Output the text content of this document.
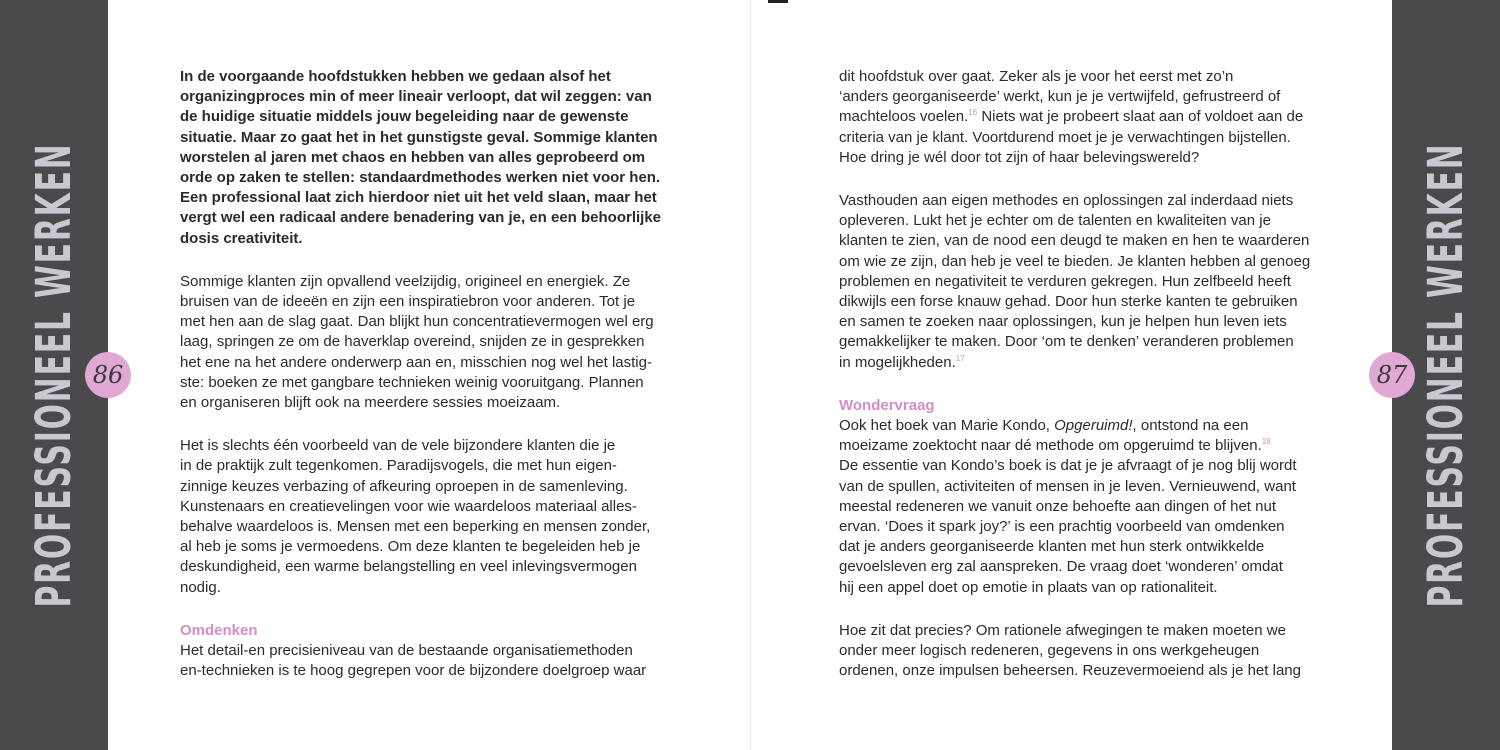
PROFESSIONEEL WERKEN	PROFESSIONEEL WERKEN
86	87

In de voorgaande hoofdstukken hebben we gedaan alsof het
organizingproces min of meer lineair verloopt, dat wil zeggen: van
de huidige situatie middels jouw begeleiding naar de gewenste
situatie. Maar zo gaat het in het gunstigste geval. Sommige klanten
worstelen al jaren met chaos en hebben van alles geprobeerd om
orde op zaken te stellen: standaardmethodes werken niet voor hen.
Een professional laat zich hierdoor niet uit het veld slaan, maar het
vergt wel een radicaal andere benadering van je, en een behoorlijke
dosis creativiteit.

Sommige klanten zijn opvallend veelzijdig, origineel en energiek. Ze
bruisen van de ideeën en zijn een inspiratiebron voor anderen. Tot je
met hen aan de slag gaat. Dan blijkt hun concentratievermogen wel erg
laag, springen ze om de haverklap overeind, snijden ze in gesprekken
het ene na het andere onderwerp aan en, misschien nog wel het lastig-
ste: boeken ze met gangbare technieken weinig vooruitgang. Plannen
en organiseren blijft ook na meerdere sessies moeizaam.

Het is slechts één voorbeeld van de vele bijzondere klanten die je
in de praktijk zult tegenkomen. Paradijsvogels, die met hun eigen-
zinnige keuzes verbazing of afkeuring oproepen in de samenleving.
Kunstenaars en creatievelingen voor wie waardeloos materiaal alles-
behalve waardeloos is. Mensen met een beperking en mensen zonder,
al heb je soms je vermoedens. Om deze klanten te begeleiden heb je
deskundigheid, een warme belangstelling en veel inlevingsvermogen
nodig.

Omdenken
Het detail-en precisieniveau van de bestaande organisatiemethoden
en-technieken is te hoog gegrepen voor de bijzondere doelgroep waar

dit hoofdstuk over gaat. Zeker als je voor het eerst met zo’n
‘anders georganiseerde’ werkt, kun je je vertwijfeld, gefrustreerd of
machteloos voelen.$^{16}$ Niets wat je probeert slaat aan of voldoet aan de
criteria van je klant. Voortdurend moet je je verwachtingen bijstellen.
Hoe dring je wél door tot zijn of haar belevingswereld?

Vasthouden aan eigen methodes en oplossingen zal inderdaad niets
opleveren. Lukt het je echter om de talenten en kwaliteiten van je
klanten te zien, van de nood een deugd te maken en hen te waarderen
om wie ze zijn, dan heb je veel te bieden. Je klanten hebben al genoeg
problemen en negativiteit te verduren gekregen. Hun zelfbeeld heeft
dikwijls een forse knauw gehad. Door hun sterke kanten te gebruiken
en samen te zoeken naar oplossingen, kun je helpen hun leven iets
gemakkelijker te maken. Door ‘om te denken’ veranderen problemen
in mogelijkheden.$^{17}$

Wondervraag
Ook het boek van Marie Kondo, Opgeruimd!, ontstond na een
moeizame zoektocht naar dé methode om opgeruimd te blijven.$^{18}$
De essentie van Kondo’s boek is dat je je afvraagt of je nog blij wordt
van de spullen, activiteiten of mensen in je leven. Vernieuwend, want
meestal redeneren we vanuit onze behoefte aan dingen of het nut
ervan. ‘Does it spark joy?’ is een prachtig voorbeeld van omdenken
dat je anders georganiseerde klanten met hun sterk ontwikkelde
gevoelsleven erg zal aanspreken. De vraag doet ‘wonderen’ omdat
hij een appel doet op emotie in plaats van op rationaliteit.

Hoe zit dat precies? Om rationele afwegingen te maken moeten we
onder meer logisch redeneren, gegevens in ons werkgeheugen
ordenen, onze impulsen beheersen. Reuzevermoeiend als je het lang
